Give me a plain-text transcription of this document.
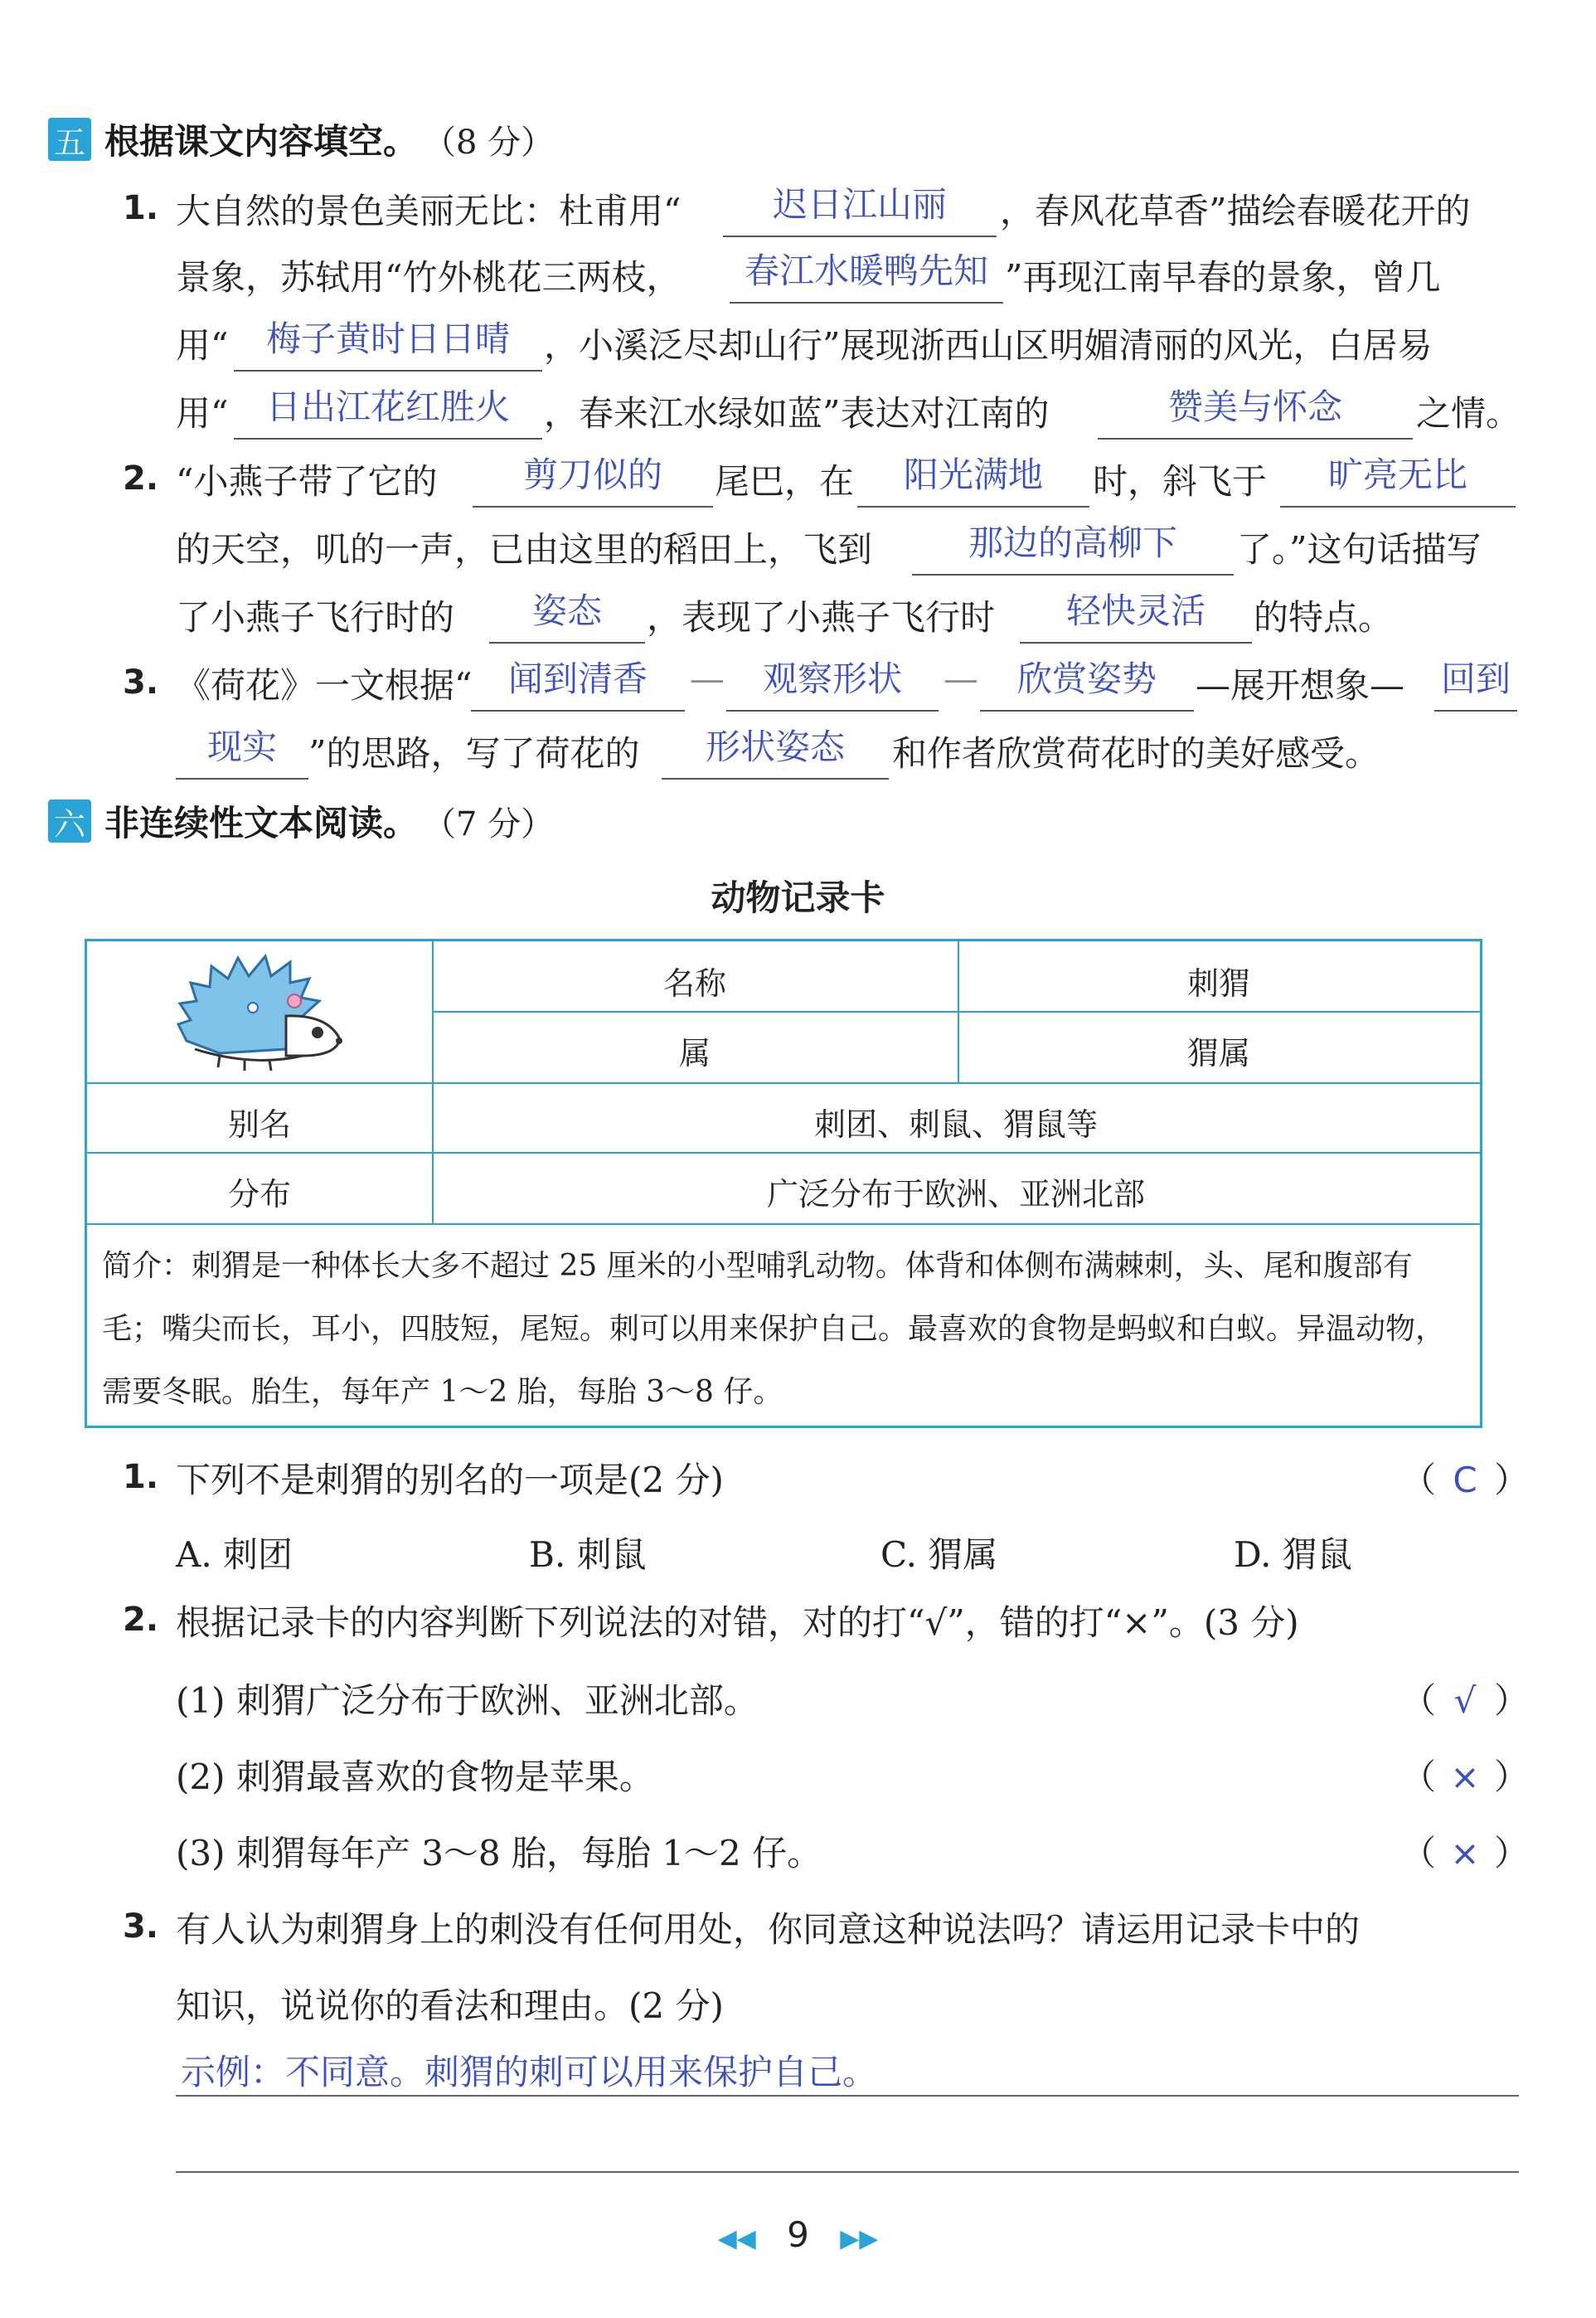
五 根据课文内容填空。 （8 分）
1. 大自然的景色美丽无比：杜甫用“	迟日江山丽	，春风花草香”描绘春暖花开的
景象，苏轼用“竹外桃花三两枝，	春江水暖鸭先知 ”再现江南早春的景象，曾几
用“	梅子黄时日日晴 ，小溪泛尽却山行”展现浙西山区明媚清丽的风光，白居易
用“	日出江花红胜火 ，春来江水绿如蓝”表达对江南的	赞美与怀念	之情。
2. “小燕子带了它的	剪刀似的	尾巴，在	阳光满地	时，斜飞于	旷亮无比
的天空，叽的一声，已由这里的稻田上，飞到	那边的高柳下	了。”这句话描写
了小燕子飞行时的	姿态	，表现了小燕子飞行时	轻快灵活	的特点。
3. 《荷花》一文根据“	闻到清香	—	观察形状	—	欣赏姿势	—展开想象— 回到
现实 ”的思路，写了荷花的	形状姿态	和作者欣赏荷花时的美好感受。
六 非连续性文本阅读。 （7 分）
动物记录卡
名称	刺猬
属	猬属
别名	刺团、刺鼠、猬鼠等
分布	广泛分布于欧洲、亚洲北部
简介：刺猬是一种体长大多不超过 25 厘米的小型哺乳动物。体背和体侧布满棘刺，头、尾和腹部有毛；嘴尖而长，耳小，四肢短，尾短。刺可以用来保护自己。最喜欢的食物是蚂蚁和白蚁。异温动物，需要冬眠。胎生，每年产 1～2 胎，每胎 3～8 仔。
1. 下列不是刺猬的别名的一项是(2 分)	（ C ）
A. 刺团	B. 刺鼠	C. 猬属	D. 猬鼠
2. 根据记录卡的内容判断下列说法的对错，对的打“√”，错的打“×”。(3 分)
(1) 刺猬广泛分布于欧洲、亚洲北部。	（ √ ）
(2) 刺猬最喜欢的食物是苹果。	（ × ）
(3) 刺猬每年产 3～8 胎，每胎 1～2 仔。	（ × ）
3. 有人认为刺猬身上的刺没有任何用处，你同意这种说法吗？请运用记录卡中的
知识，说说你的看法和理由。(2 分)
示例：不同意。刺猬的刺可以用来保护自己。
◀◀ 9 ▶▶
